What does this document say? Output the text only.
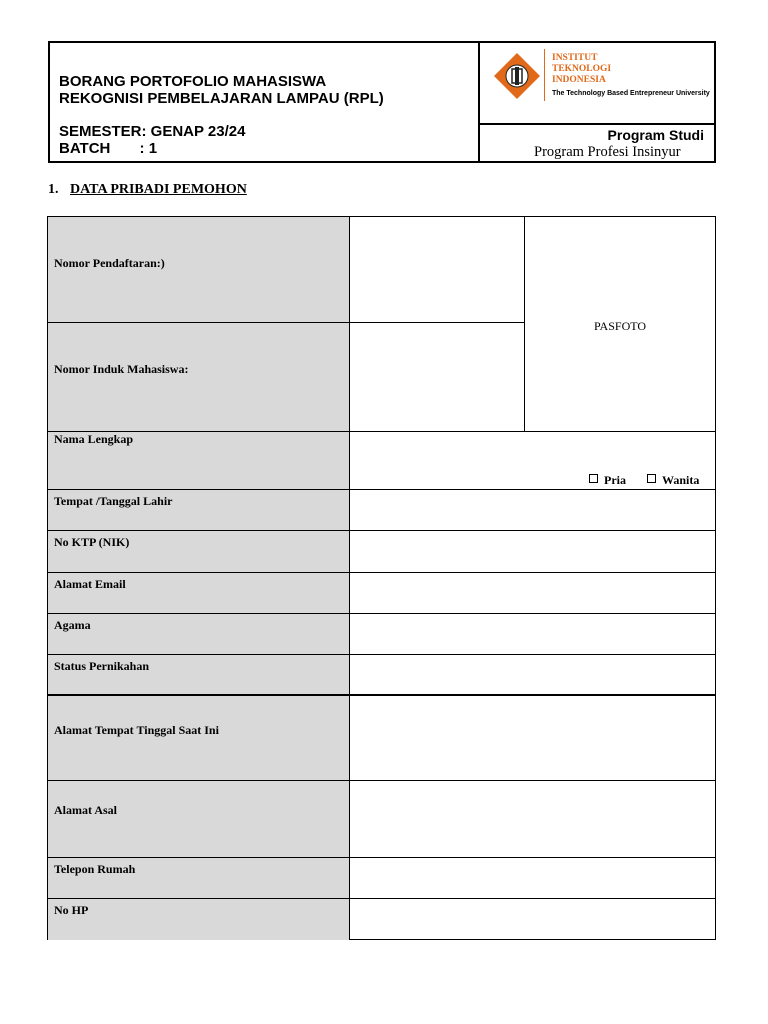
BORANG PORTOFOLIO MAHASISWA
REKOGNISI PEMBELAJARAN LAMPAU (RPL)
SEMESTER: GENAP 23/24
BATCH       : 1
INSTITUT
TEKNOLOGI
INDONESIA
The Technology Based Entrepreneur University
Program Studi
Program Profesi Insinyur
1. DATA PRIBADI PEMOHON
Nomor Pendaftaran:)
Nomor Induk Mahasiswa:
PASFOTO
Nama Lengkap
Pria	Wanita
Tempat /Tanggal Lahir
No KTP (NIK)
Alamat Email
Agama
Status Pernikahan
Alamat Tempat Tinggal Saat Ini
Alamat Asal
Telepon Rumah
No HP
